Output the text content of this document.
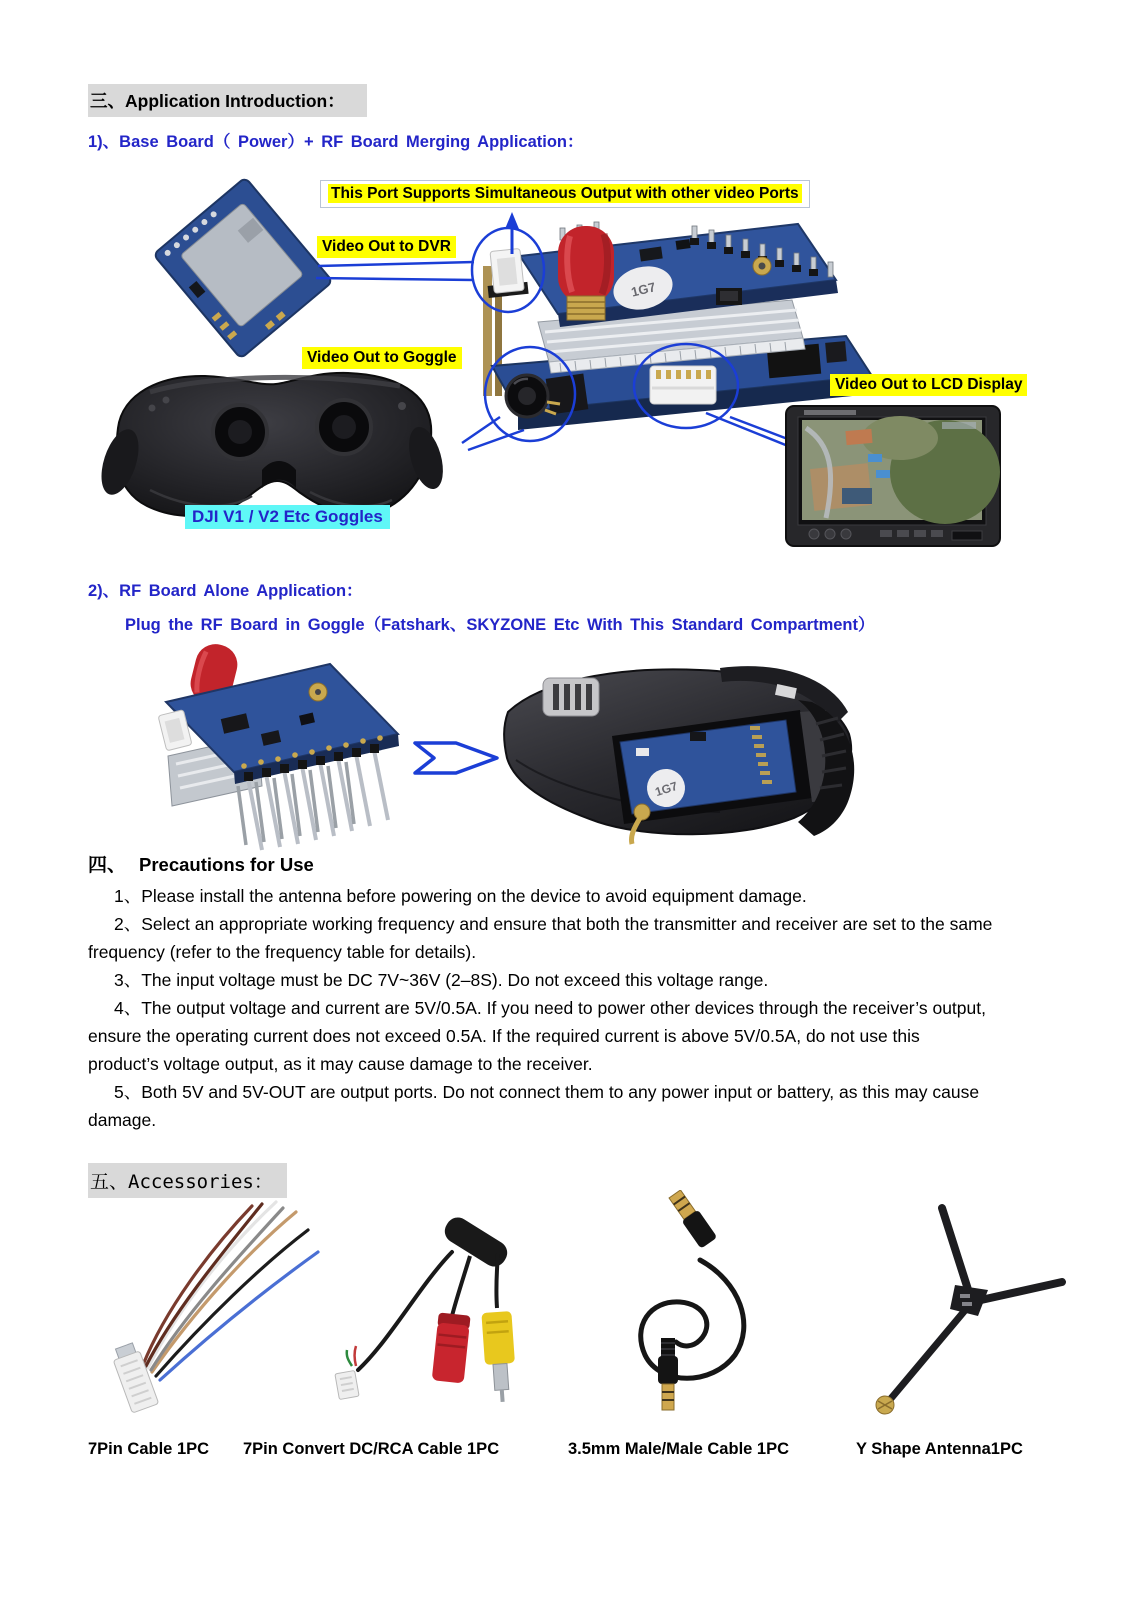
三、Application Introduction：
1)、Base Board（ Power）+ RF Board Merging Application：
1G7
This Port Supports Simultaneous Output with other video Ports
Video Out to DVR
Video Out to Goggle
Video Out to LCD Display
DJI V1 / V2 Etc Goggles
2)、RF Board Alone Application：
Plug the RF Board in Goggle（Fatshark、SKYZONE Etc With This Standard Compartment）
1G7

四、 Precautions for Use

1、Please install the antenna before powering on the device to avoid equipment damage.

2、Select an appropriate working frequency and ensure that both the transmitter and receiver are set to the same frequency (refer to the frequency table for details).

3、The input voltage must be DC 7V~36V (2–8S). Do not exceed this voltage range.

4、The output voltage and current are 5V/0.5A. If you need to power other devices through the receiver’s output, ensure the operating current does not exceed 0.5A. If the required current is above 5V/0.5A, do not use this product’s voltage output, as it may cause damage to the receiver.

5、Both 5V and 5V-OUT are output ports. Do not connect them to any power input or battery, as this may cause damage.

五、Accessories：
7Pin Cable 1PC 7Pin Convert DC/RCA Cable 1PC	3.5mm Male/Male Cable 1PC	Y Shape Antenna1PC
